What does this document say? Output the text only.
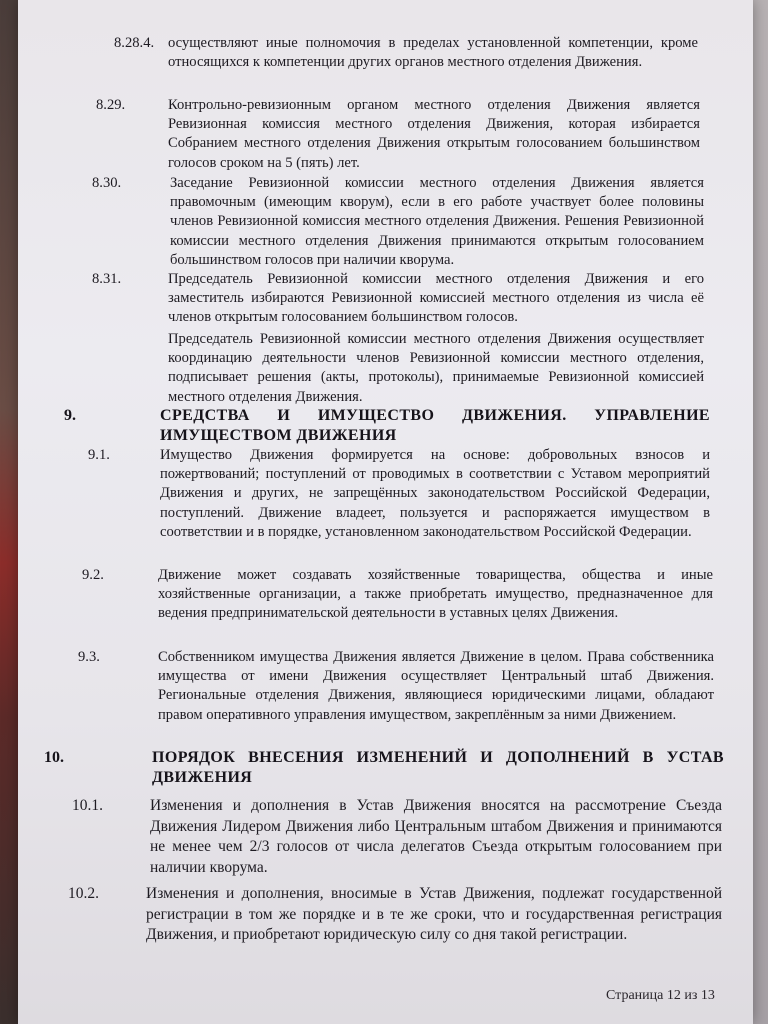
8.28.4. осуществляют иные полномочия в пределах установленной компетенции, кроме относящихся к компетенции других органов местного отделения Движения.
8.29.	Контрольно-ревизионным органом местного отделения Движения является Ревизионная комиссия местного отделения Движения, которая избирается Собранием местного отделения Движения открытым голосованием большинством голосов сроком на 5 (пять) лет.
8.30.	Заседание Ревизионной комиссии местного отделения Движения является правомочным (имеющим кворум), если в его работе участвует более половины членов Ревизионной комиссия местного отделения Движения. Решения Ревизионной комиссии местного отделения Движения принимаются открытым голосованием большинством голосов при наличии кворума.
8.31.	Председатель Ревизионной комиссии местного отделения Движения и его заместитель избираются Ревизионной комиссией местного отделения из числа её членов открытым голосованием большинством голосов.
Председатель Ревизионной комиссии местного отделения Движения осуществляет координацию деятельности членов Ревизионной комиссии местного отделения, подписывает решения (акты, протоколы), принимаемые Ревизионной комиссией местного отделения Движения.
9.	СРЕДСТВА И ИМУЩЕСТВО ДВИЖЕНИЯ. УПРАВЛЕНИЕ ИМУЩЕСТВОМ ДВИЖЕНИЯ
9.1.	Имущество Движения формируется на основе: добровольных взносов и пожертвований; поступлений от проводимых в соответствии с Уставом мероприятий Движения и других, не запрещённых законодательством Российской Федерации, поступлений. Движение владеет, пользуется и распоряжается имуществом в соответствии и в порядке, установленном законодательством Российской Федерации.
9.2.	Движение может создавать хозяйственные товарищества, общества и иные хозяйственные организации, а также приобретать имущество, предназначенное для ведения предпринимательской деятельности в уставных целях Движения.
9.3.	Собственником имущества Движения является Движение в целом. Права собственника имущества от имени Движения осуществляет Центральный штаб Движения. Региональные отделения Движения, являющиеся юридическими лицами, обладают правом оперативного управления имуществом, закреплённым за ними Движением.
10.	ПОРЯДОК ВНЕСЕНИЯ ИЗМЕНЕНИЙ И ДОПОЛНЕНИЙ В УСТАВ ДВИЖЕНИЯ
10.1.	Изменения и дополнения в Устав Движения вносятся на рассмотрение Съезда Движения Лидером Движения либо Центральным штабом Движения и принимаются не менее чем 2/3 голосов от числа делегатов Съезда открытым голосованием при наличии кворума.
10.2.	Изменения и дополнения, вносимые в Устав Движения, подлежат государственной регистрации в том же порядке и в те же сроки, что и государственная регистрация Движения, и приобретают юридическую силу со дня такой регистрации.
Страница 12 из 13
